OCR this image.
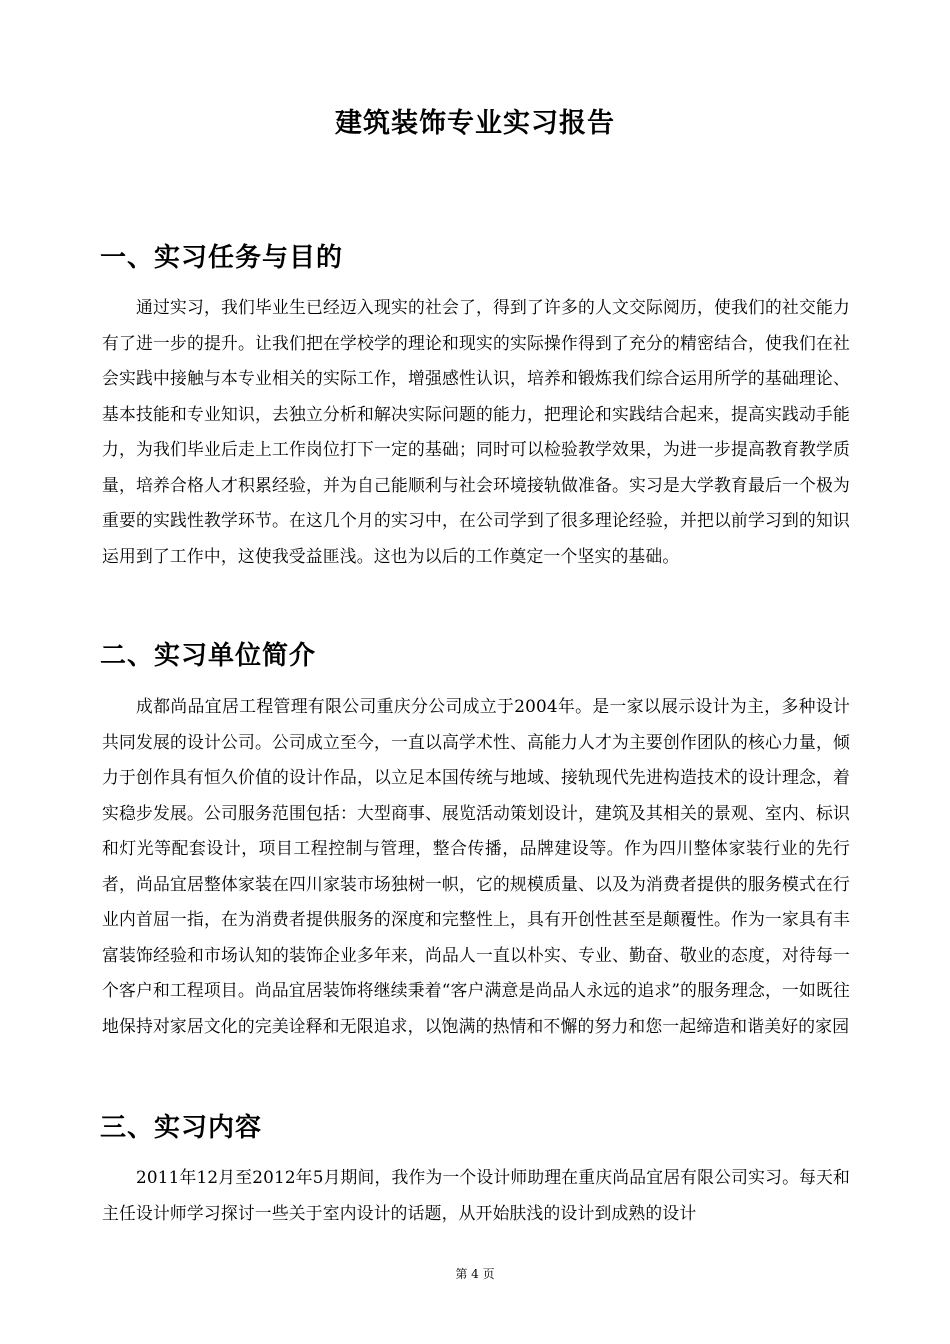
建筑装饰专业实习报告
一、实习任务与目的

通过实习，我们毕业生已经迈入现实的社会了，得到了许多的人文交际阅历，使我们的社交能力有了进一步的提升。让我们把在学校学的理论和现实的实际操作得到了充分的精密结合，使我们在社会实践中接触与本专业相关的实际工作，增强感性认识，培养和锻炼我们综合运用所学的基础理论、基本技能和专业知识，去独立分析和解决实际问题的能力，把理论和实践结合起来，提高实践动手能力，为我们毕业后走上工作岗位打下一定的基础；同时可以检验教学效果，为进一步提高教育教学质量，培养合格人才积累经验，并为自己能顺利与社会环境接轨做准备。实习是大学教育最后一个极为重要的实践性教学环节。在这几个月的实习中，在公司学到了很多理论经验，并把以前学习到的知识运用到了工作中，这使我受益匪浅。这也为以后的工作奠定一个坚实的基础。

二、实习单位简介

成都尚品宜居工程管理有限公司重庆分公司成立于2004年。是一家以展示设计为主，多种设计共同发展的设计公司。公司成立至今，一直以高学术性、高能力人才为主要创作团队的核心力量，倾力于创作具有恒久价值的设计作品，以立足本国传统与地域、接轨现代先进构造技术的设计理念，着实稳步发展。公司服务范围包括：大型商事、展览活动策划设计，建筑及其相关的景观、室内、标识和灯光等配套设计，项目工程控制与管理，整合传播，品牌建设等。作为四川整体家装行业的先行者，尚品宜居整体家装在四川家装市场独树一帜，它的规模质量、以及为消费者提供的服务模式在行业内首屈一指，在为消费者提供服务的深度和完整性上，具有开创性甚至是颠覆性。作为一家具有丰富装饰经验和市场认知的装饰企业多年来，尚品人一直以朴实、专业、勤奋、敬业的态度，对待每一个客户和工程项目。尚品宜居装饰将继续秉着“客户满意是尚品人永远的追求”的服务理念，一如既往地保持对家居文化的完美诠释和无限追求，以饱满的热情和不懈的努力和您一起缔造和谐美好的家园

三、实习内容

2011年12月至2012年5月期间，我作为一个设计师助理在重庆尚品宜居有限公司实习。每天和主任设计师学习探讨一些关于室内设计的话题，从开始肤浅的设计到成熟的设计

第 4 页
